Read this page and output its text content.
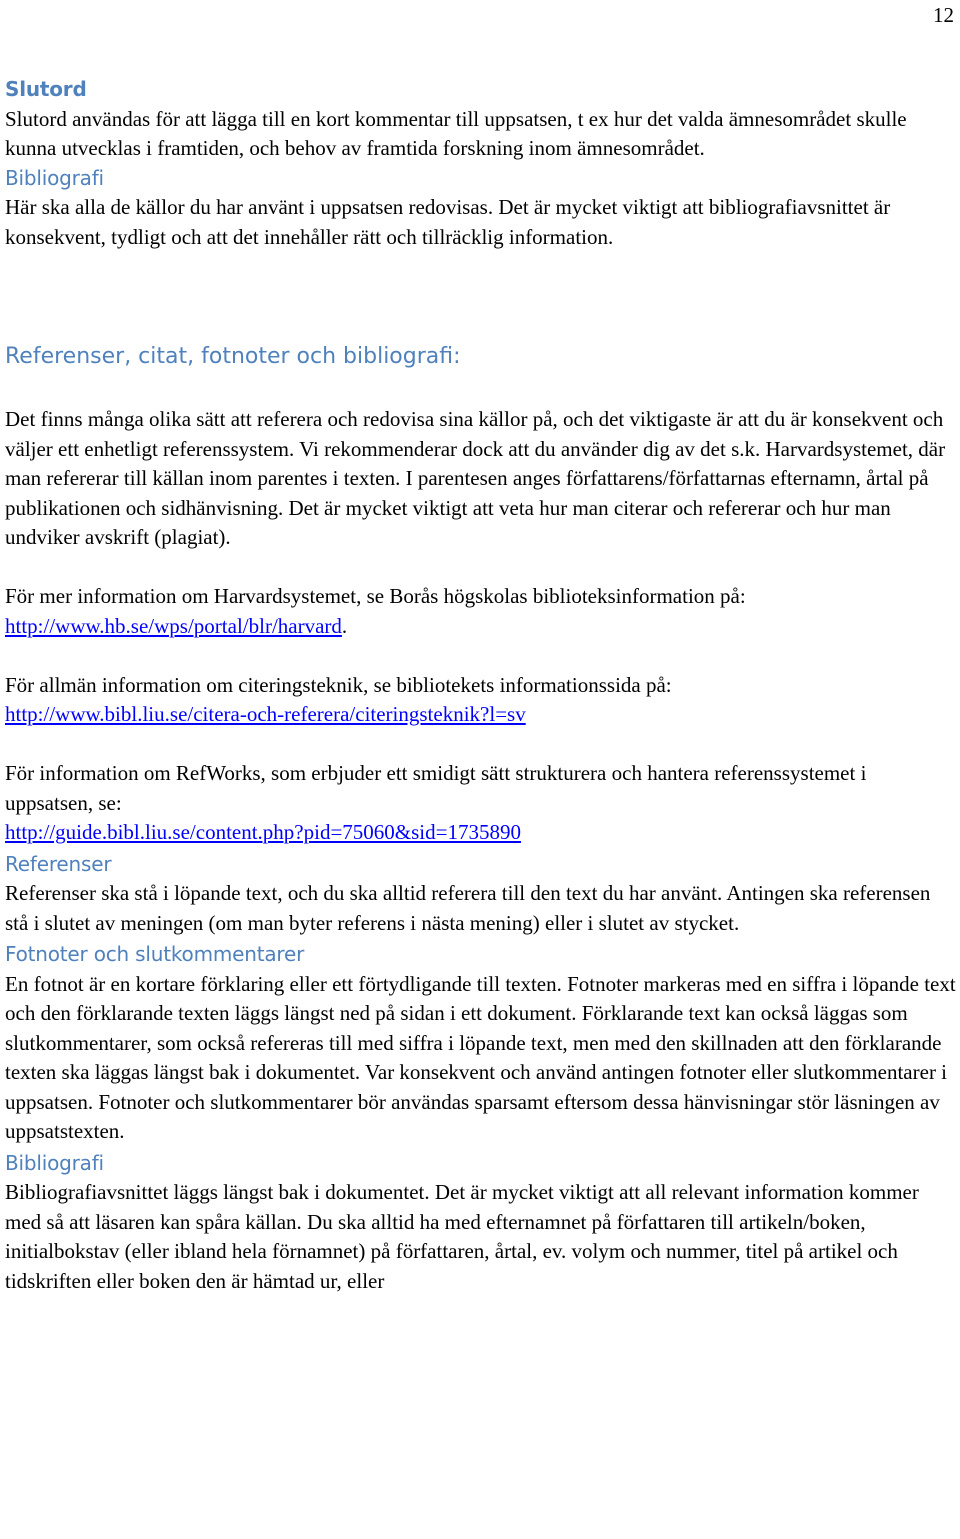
12
Slutord

Slutord användas för att lägga till en kort kommentar till uppsatsen, t ex hur det valda ämnesområdet skulle kunna utvecklas i framtiden, och behov av framtida forskning inom ämnesområdet.

Bibliografi

Här ska alla de källor du har använt i uppsatsen redovisas. Det är mycket viktigt att bibliografiavsnittet är konsekvent, tydligt och att det innehåller rätt och tillräcklig information.

Referenser, citat, fotnoter och bibliografi:

Det finns många olika sätt att referera och redovisa sina källor på, och det viktigaste är att du är konsekvent och väljer ett enhetligt referenssystem. Vi rekommenderar dock att du använder dig av det s.k. Harvardsystemet, där man refererar till källan inom parentes i texten. I parentesen anges författarens/författarnas efternamn, årtal på publikationen och sidhänvisning. Det är mycket viktigt att veta hur man citerar och refererar och hur man undviker avskrift (plagiat).

För mer information om Harvardsystemet, se Borås högskolas biblioteksinformation på:
http://www.hb.se/wps/portal/blr/harvard.

För allmän information om citeringsteknik, se bibliotekets informationssida på:
http://www.bibl.liu.se/citera-och-referera/citeringsteknik?l=sv

För information om RefWorks, som erbjuder ett smidigt sätt strukturera och hantera referenssystemet i uppsatsen, se:
http://guide.bibl.liu.se/content.php?pid=75060&sid=1735890

Referenser

Referenser ska stå i löpande text, och du ska alltid referera till den text du har använt. Antingen ska referensen stå i slutet av meningen (om man byter referens i nästa mening) eller i slutet av stycket.

Fotnoter och slutkommentarer

En fotnot är en kortare förklaring eller ett förtydligande till texten. Fotnoter markeras med en siffra i löpande text och den förklarande texten läggs längst ned på sidan i ett dokument. Förklarande text kan också läggas som slutkommentarer, som också refereras till med siffra i löpande text, men med den skillnaden att den förklarande texten ska läggas längst bak i dokumentet. Var konsekvent och använd antingen fotnoter eller slutkommentarer i uppsatsen. Fotnoter och slutkommentarer bör användas sparsamt eftersom dessa hänvisningar stör läsningen av uppsatstexten.

Bibliografi

Bibliografiavsnittet läggs längst bak i dokumentet. Det är mycket viktigt att all relevant information kommer med så att läsaren kan spåra källan. Du ska alltid ha med efternamnet på författaren till artikeln/boken, initialbokstav (eller ibland hela förnamnet) på författaren, årtal, ev. volym och nummer, titel på artikel och tidskriften eller boken den är hämtad ur, eller
